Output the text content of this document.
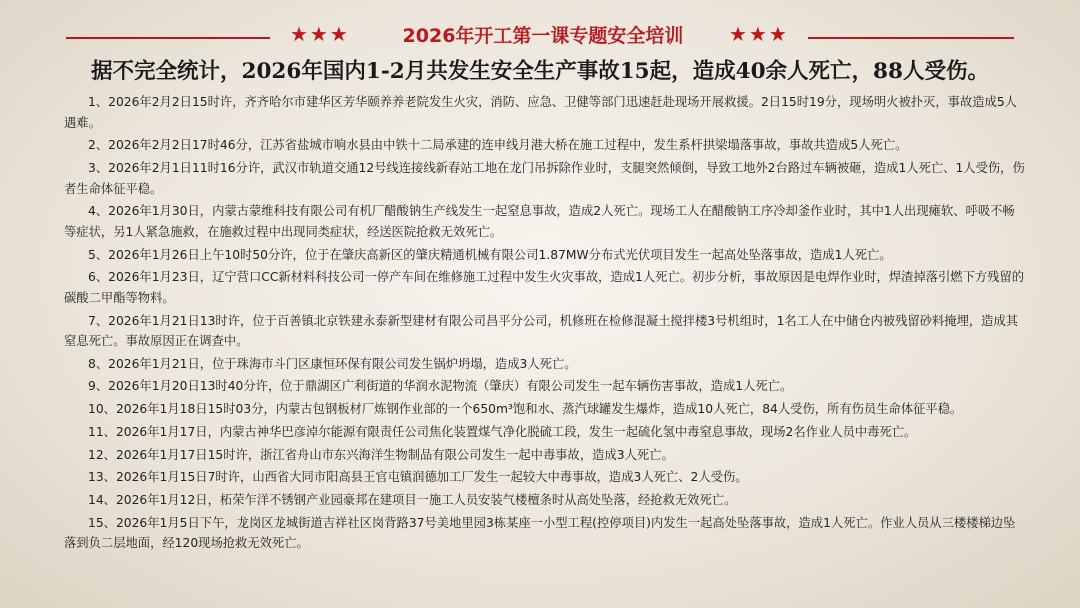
★★★	2026年开工第一课专题安全培训	★★★
据不完全统计，2026年国内1-2月共发生安全生产事故15起，造成40余人死亡，88人受伤。
1、2026年2月2日15时许，齐齐哈尔市建华区芳华颐养养老院发生火灾，消防、应急、卫健等部门迅速赶赴现场开展救援。2日15时19分，现场明火被扑灭，事故造成5人遇难。
2、2026年2月2日17时46分，江苏省盐城市响水县由中铁十二局承建的连申线月港大桥在施工过程中，发生系杆拱梁塌落事故，事故共造成5人死亡。
3、2026年2月1日11时16分许，武汉市轨道交通12号线连接线新春站工地在龙门吊拆除作业时，支腿突然倾倒，导致工地外2台路过车辆被砸，造成1人死亡、1人受伤，伤者生命体征平稳。
4、2026年1月30日，内蒙古蒙维科技有限公司有机厂醋酸钠生产线发生一起窒息事故，造成2人死亡。现场工人在醋酸钠工序冷却釜作业时，其中1人出现瘫软、呼吸不畅等症状，另1人紧急施救，在施救过程中出现同类症状，经送医院抢救无效死亡。
5、2026年1月26日上午10时50分许，位于在肇庆高新区的肇庆精通机械有限公司1.87MW分布式光伏项目发生一起高处坠落事故，造成1人死亡。
6、2026年1月23日，辽宁营口CC新材料科技公司一停产车间在维修施工过程中发生火灾事故，造成1人死亡。初步分析，事故原因是电焊作业时，焊渣掉落引燃下方残留的碳酸二甲酯等物料。
7、2026年1月21日13时许，位于百善镇北京铁建永泰新型建材有限公司昌平分公司，机修班在检修混凝土搅拌楼3号机组时，1名工人在中储仓内被残留砂料掩埋，造成其窒息死亡。事故原因正在调查中。
8、2026年1月21日，位于珠海市斗门区康恒环保有限公司发生锅炉坍塌，造成3人死亡。
9、2026年1月20日13时40分许，位于鼎湖区广利街道的华润水泥物流（肇庆）有限公司发生一起车辆伤害事故，造成1人死亡。
10、2026年1月18日15时03分，内蒙古包钢板材厂炼钢作业部的一个650m³饱和水、蒸汽球罐发生爆炸，造成10人死亡，84人受伤，所有伤员生命体征平稳。
11、2026年1月17日，内蒙古神华巴彦淖尔能源有限责任公司焦化装置煤气净化脱硫工段，发生一起硫化氢中毒窒息事故，现场2名作业人员中毒死亡。
12、2026年1月17日15时许，浙江省舟山市东兴海洋生物制品有限公司发生一起中毒事故，造成3人死亡。
13、2026年1月15日7时许，山西省大同市阳高县王官屯镇润德加工厂发生一起较大中毒事故，造成3人死亡、2人受伤。
14、2026年1月12日，柘荣乍洋不锈钢产业园豪邦在建项目一施工人员安装气楼檀条时从高处坠落，经抢救无效死亡。
15、2026年1月5日下午，龙岗区龙城街道吉祥社区岗背路37号美地里园3栋某座一小型工程(控停项目)内发生一起高处坠落事故，造成1人死亡。作业人员从三楼楼梯边坠落到负二层地面，经120现场抢救无效死亡。
